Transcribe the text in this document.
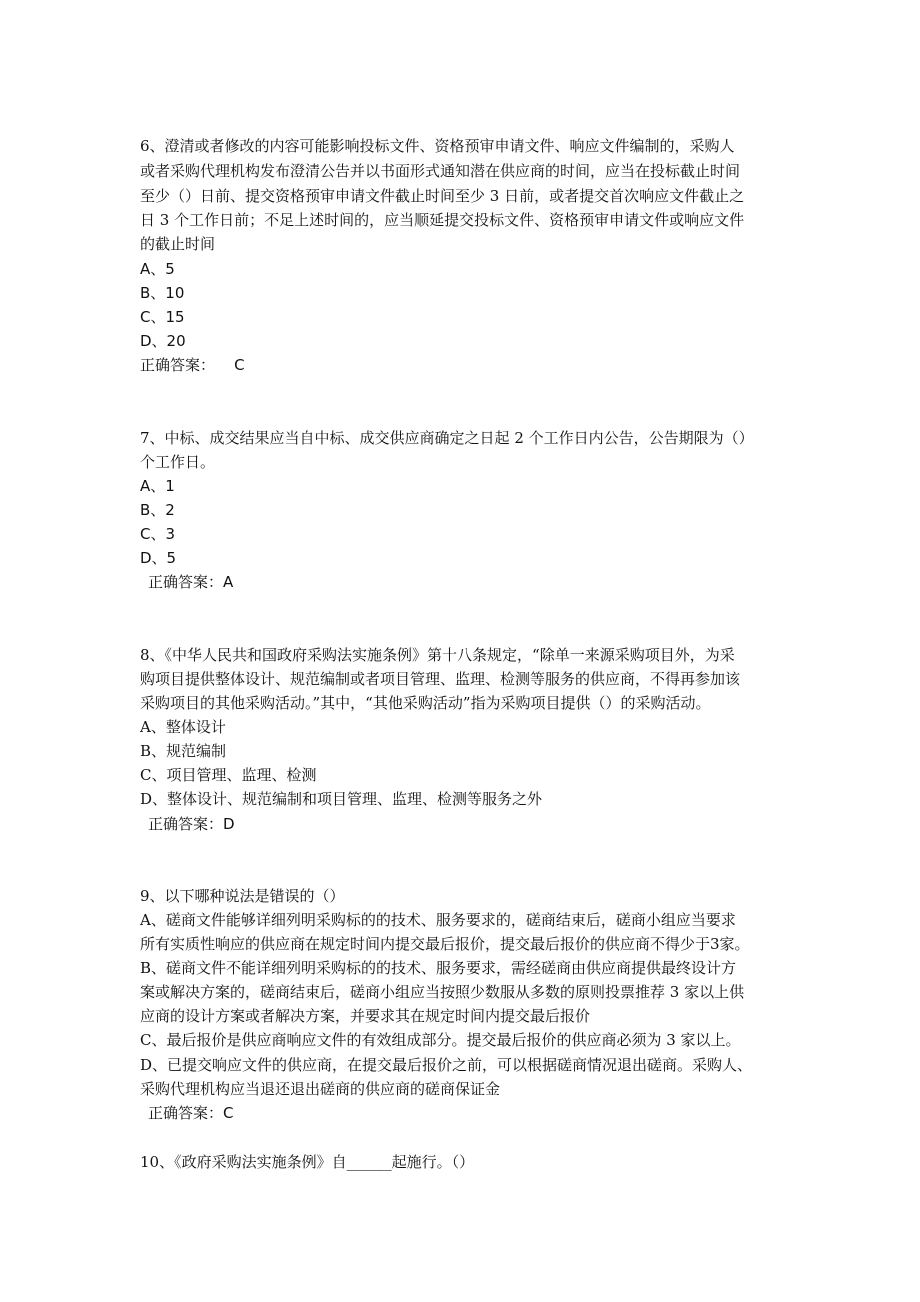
6、澄清或者修改的内容可能影响投标文件、资格预审申请文件、响应文件编制的，采购人
或者采购代理机构发布澄清公告并以书面形式通知潜在供应商的时间，应当在投标截止时间
至少（）日前、提交资格预审申请文件截止时间至少 3 日前，或者提交首次响应文件截止之
日 3 个工作日前；不足上述时间的，应当顺延提交投标文件、资格预审申请文件或响应文件
的截止时间
A、5
B、10
C、15
D、20
正确答案：    C
7、中标、成交结果应当自中标、成交供应商确定之日起 2 个工作日内公告，公告期限为（）
个工作日。
A、1
B、2
C、3
D、5
正确答案：A
8、《中华人民共和国政府采购法实施条例》第十八条规定，“除单一来源采购项目外，为采
购项目提供整体设计、规范编制或者项目管理、监理、检测等服务的供应商，不得再参加该
采购项目的其他采购活动。”其中，“其他采购活动”指为采购项目提供（）的采购活动。
A、整体设计
B、规范编制
C、项目管理、监理、检测
D、整体设计、规范编制和项目管理、监理、检测等服务之外
正确答案：D
9、以下哪种说法是错误的（）
A、磋商文件能够详细列明采购标的的技术、服务要求的，磋商结束后，磋商小组应当要求
所有实质性响应的供应商在规定时间内提交最后报价，提交最后报价的供应商不得少于3家。
B、磋商文件不能详细列明采购标的的技术、服务要求，需经磋商由供应商提供最终设计方
案或解决方案的，磋商结束后，磋商小组应当按照少数服从多数的原则投票推荐 3 家以上供
应商的设计方案或者解决方案，并要求其在规定时间内提交最后报价
C、最后报价是供应商响应文件的有效组成部分。提交最后报价的供应商必须为 3 家以上。
D、已提交响应文件的供应商，在提交最后报价之前，可以根据磋商情况退出磋商。采购人、
采购代理机构应当退还退出磋商的供应商的磋商保证金
正确答案：C
10、《政府采购法实施条例》自______起施行。（）
